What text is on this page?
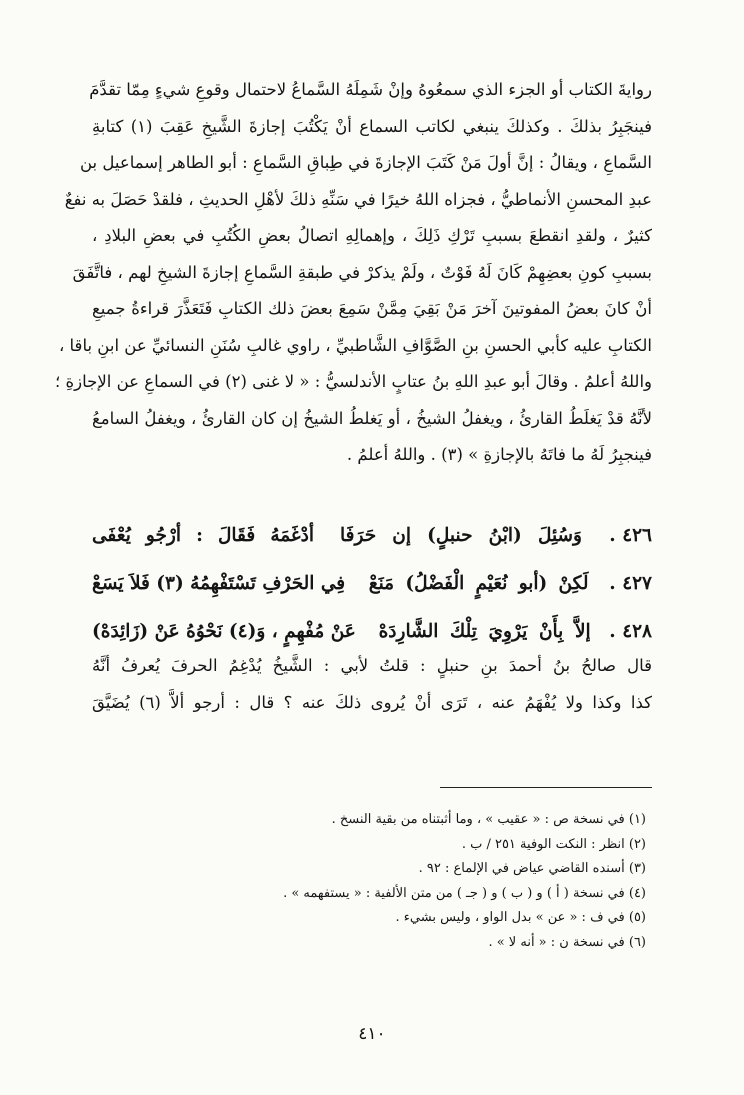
روايةَ الكتاب أو الجزء الذي سمعُوهُ وإنْ شَمِلَهُ السَّماعُ لاحتمال وقوعِ شيءٍ مِمّا تقدَّمَ
فينجَبِرُ بذلكَ . وكذلكَ ينبغي لكاتب السماع أنْ يَكْتُبَ إجازةَ الشَّيخِ عَقِبَ (١) كتابةِ
السَّماعِ ، ويقالُ : إنَّ أولَ مَنْ كَتَبَ الإجازةَ في طِباقِ السَّماعِ : أبو الطاهر إسماعيل بن
عبدِ المحسنِ الأنماطيُّ ، فجزاه اللهُ خيرًا في سَنِّهِ ذلكَ لأهْلِ الحديثِ ، فلقدْ حَصَلَ به نفعٌ
كثيرٌ ، ولقدِ انقطعَ بسببِ تَرْكِ ذَلِكَ ، وإهمالِهِ اتصالُ بعضِ الكُتُبِ في بعضِ البلادِ ،
بسببِ كونِ بعضِهِمْ كَانَ لَهُ فَوْتٌ ، ولَمْ يذكرْ في طبقةِ السَّماعِ إجازةَ الشيخِ لهم ، فاتَّفَقَ
أنْ كانَ بعضُ المفوتينَ آخرَ مَنْ بَقِيَ مِمَّنْ سَمِعَ بعضَ ذلك الكتابِ فَتَعَذَّرَ قراءةُ جميعِ
الكتابِ عليه كأبي الحسنِ بنِ الصَّوَّافِ الشَّاطبيِّ ، راوي غالبِ سُنَنِ النسائيِّ عن ابنِ باقا ،
واللهُ أعلمُ . وقالَ أبو عبدِ اللهِ بنُ عتابٍ الأندلسيُّ : « لا غنى (٢) في السماعِ عن الإجازةِ ؛
لأنَّهُ قدْ يَغلَطُ القارئُ ، ويغفلُ الشيخُ ، أو يَغلطُ الشيخُ إن كان القارئُ ، ويغفلُ السامعُ
فينجبِرُ لَهُ ما فاتَهُ بالإجازةِ » (٣) . واللهُ أعلمُ .
٤٢٦ .
وَسُئِلَ (ابْنُ حنبلٍ) إن حَرَفَا
أدْغَمَهُ فَقَالَ : أرْجُو يُعْفَى
٤٢٧ .
لَكِنْ (أبو نُعَيْمٍ الْفَضْلُ) مَنَعْ
فِي الحَرْفِ تَسْتَفْهِمُهُ (٣) فَلاَ يَسَعْ
٤٢٨ .
إلاَّ بِأَنْ يَرْوِيَ تِلْكَ الشَّارِدَهْ
عَنْ مُفْهِمٍ ، وَ(٤) نَحْوُهُ عَنْ (زَائِدَهْ)
قال صالحُ بنُ أحمدَ بنِ حنبلٍ : قلتُ لأبي : الشَّيخُ يُدْغِمُ الحرفَ يُعرفُ أنَّهُ
كذا وكذا ولا يُفْهَمُ عنه ، تَرَى أنْ يُروى ذلكَ عنه ؟ قال : أرجو ألاَّ (٦) يُضَيَّقَ
(١) في نسخة ص : « عقيب » ، وما أثبتناه من بقية النسخ .
(٢) انظر : النكت الوفية ٢٥١ / ب .
(٣) أسنده القاضي عياض في الإلماع : ٩٢ .
(٤) في نسخة ( أ ) و ( ب ) و ( جـ ) من متن الألفية : « يستفهمه » .
(٥) في ف : « عن » بدل الواو ، وليس بشيء .
(٦) في نسخة ن : « أنه لا » .
٤١٠
